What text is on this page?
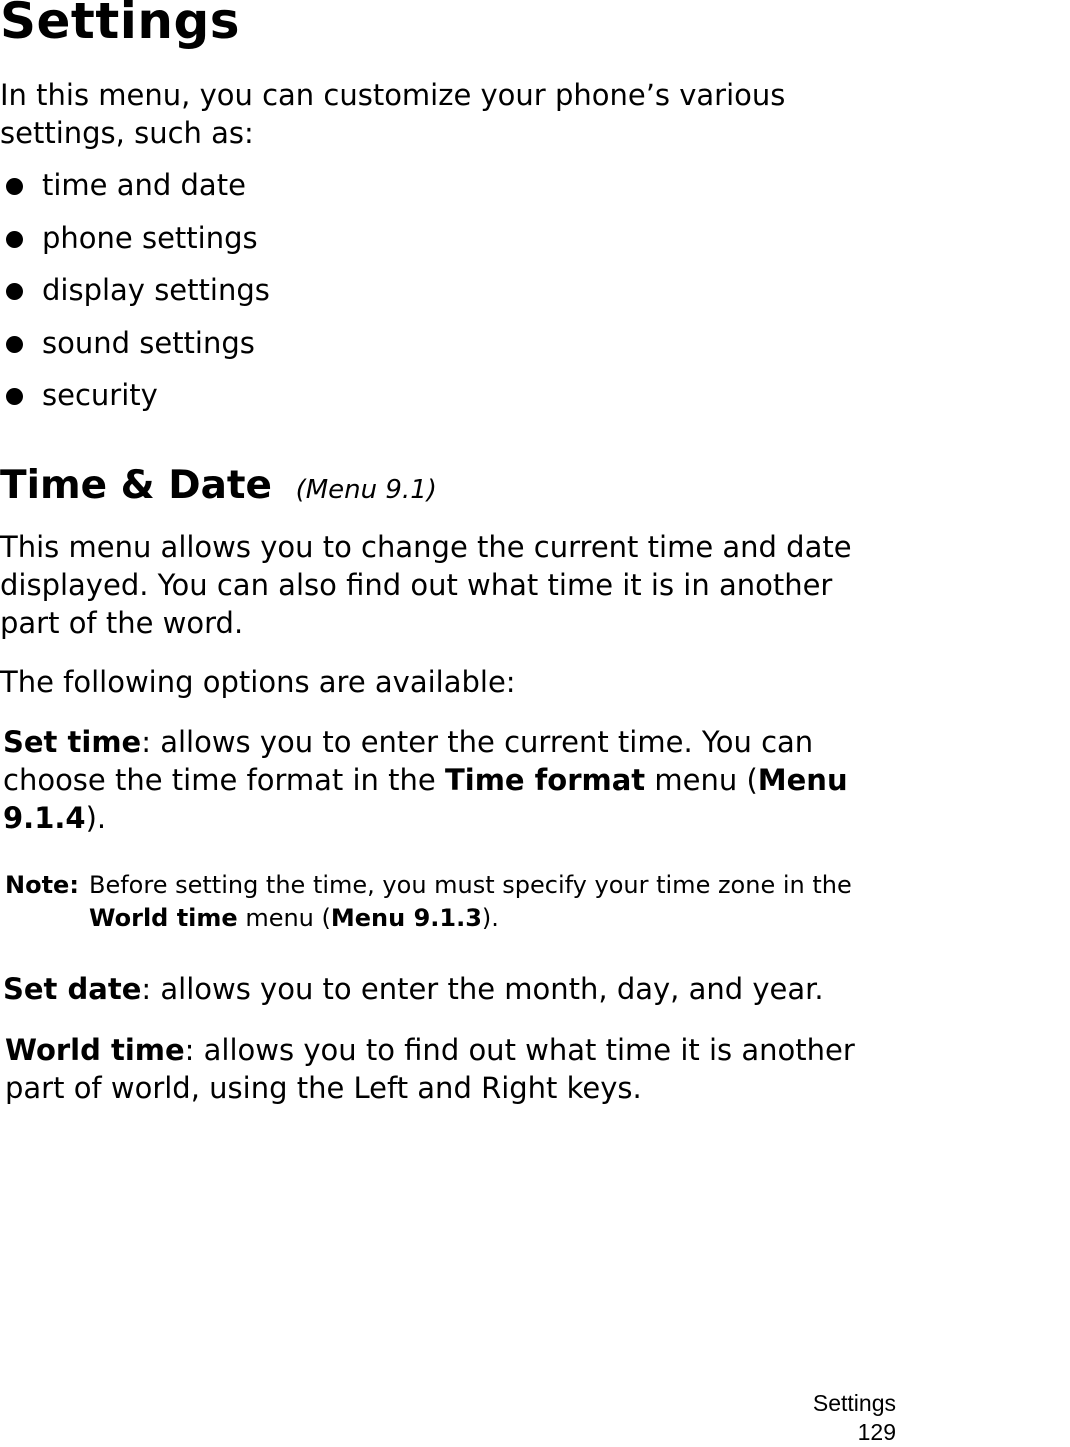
Settings

In this menu, you can customize your phone’s various settings, such as:

time and date
phone settings
display settings
sound settings
security
Time & Date (Menu 9.1)

This menu allows you to change the current time and date displayed. You can also find out what time it is in another part of the word.

The following options are available:

Set time: allows you to enter the current time. You can choose the time format in the Time format menu (Menu 9.1.4).

Note: Before setting the time, you must specify your time zone in the
World time menu (Menu 9.1.3).

Set date: allows you to enter the month, day, and year.

World time: allows you to find out what time it is another part of world, using the Left and Right keys.

Settings
129
